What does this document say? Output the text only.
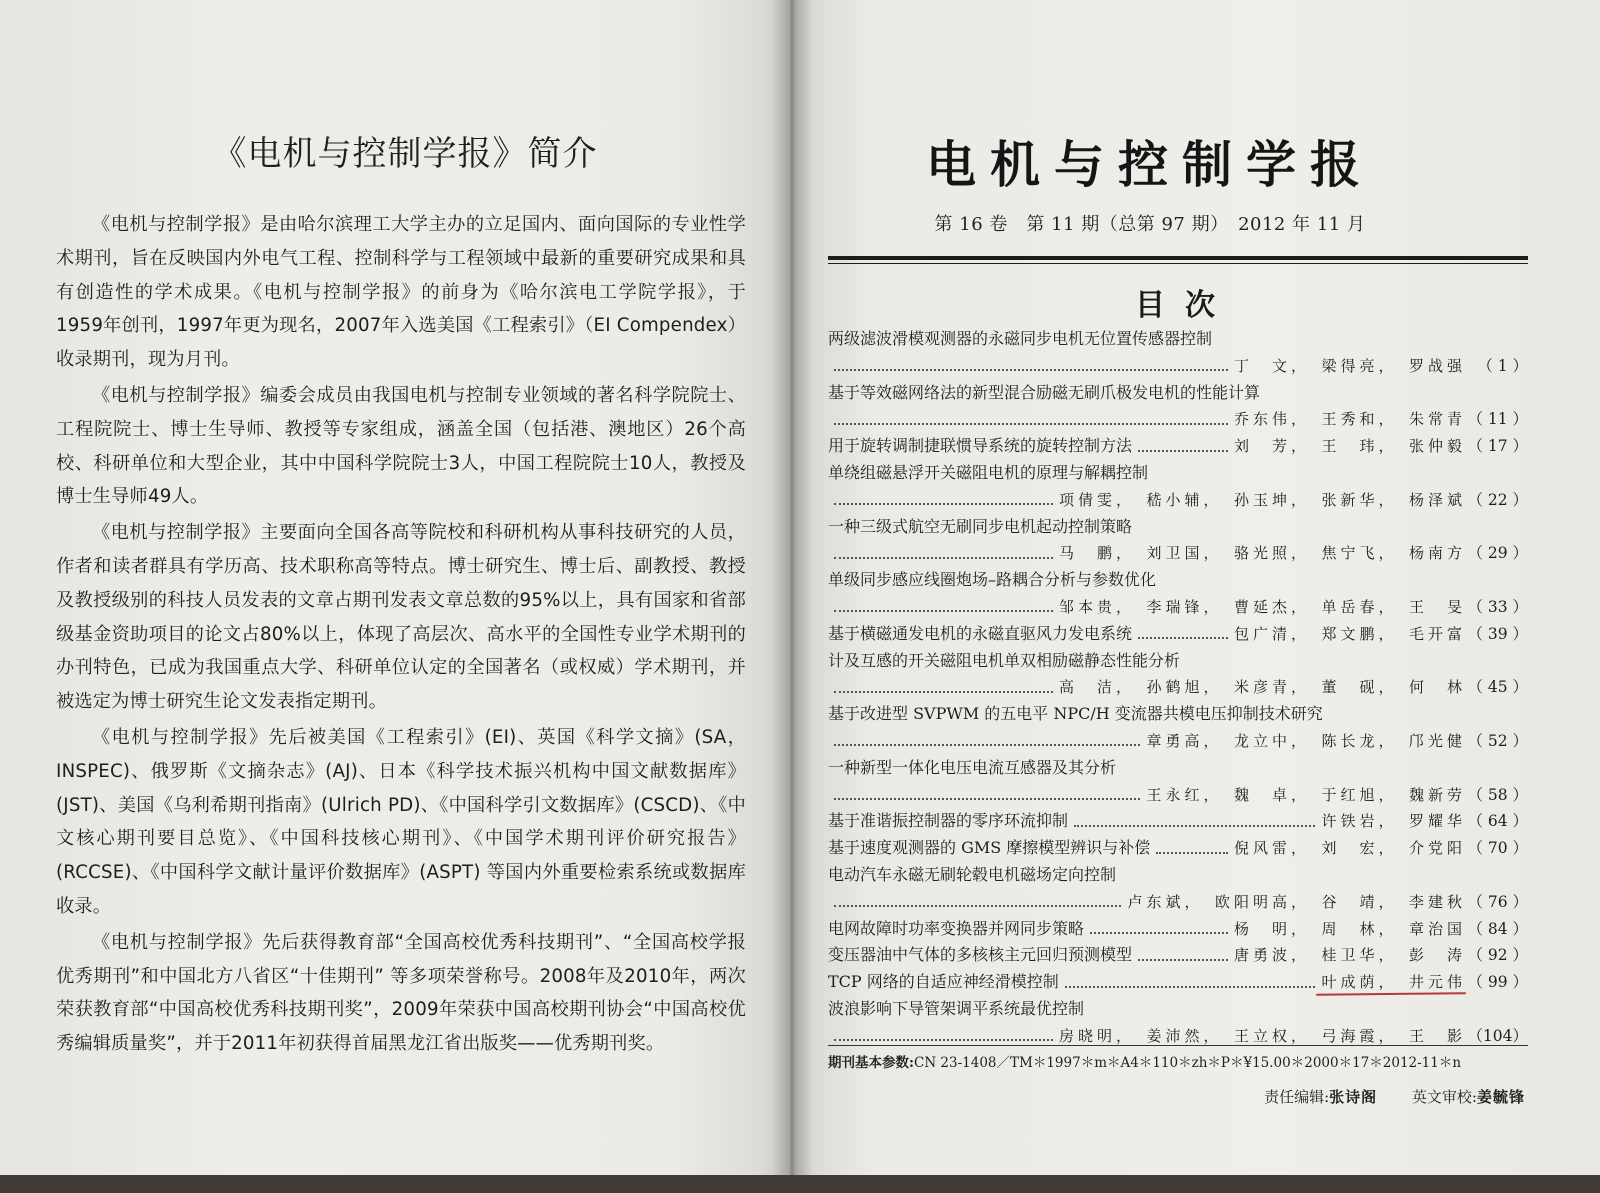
《电机与控制学报》简介

《电机与控制学报》是由哈尔滨理工大学主办的立足国内、面向国际的专业性学术期刊，旨在反映国内外电气工程、控制科学与工程领域中最新的重要研究成果和具有创造性的学术成果。《电机与控制学报》的前身为《哈尔滨电工学院学报》，于1959年创刊，1997年更为现名，2007年入选美国《工程索引》（EI Compendex）收录期刊，现为月刊。

《电机与控制学报》编委会成员由我国电机与控制专业领域的著名科学院院士、工程院院士、博士生导师、教授等专家组成，涵盖全国（包括港、澳地区）26个高校、科研单位和大型企业，其中中国科学院院士3人，中国工程院院士10人，教授及博士生导师49人。

《电机与控制学报》主要面向全国各高等院校和科研机构从事科技研究的人员，作者和读者群具有学历高、技术职称高等特点。博士研究生、博士后、副教授、教授及教授级别的科技人员发表的文章占期刊发表文章总数的95%以上，具有国家和省部级基金资助项目的论文占80%以上，体现了高层次、高水平的全国性专业学术期刊的办刊特色，已成为我国重点大学、科研单位认定的全国著名（或权威）学术期刊，并被选定为博士研究生论文发表指定期刊。

《电机与控制学报》先后被美国《工程索引》(EI)、英国《科学文摘》(SA，INSPEC)、俄罗斯《文摘杂志》(AJ)、日本《科学技术振兴机构中国文献数据库》(JST)、美国《乌利希期刊指南》(Ulrich PD)、《中国科学引文数据库》(CSCD)、《中文核心期刊要目总览》、《中国科技核心期刊》、《中国学术期刊评价研究报告》(RCCSE)、《中国科学文献计量评价数据库》(ASPT) 等国内外重要检索系统或数据库收录。

《电机与控制学报》先后获得教育部“全国高校优秀科技期刊”、“全国高校学报优秀期刊”和中国北方八省区“十佳期刊” 等多项荣誉称号。2008年及2010年，两次荣获教育部“中国高校优秀科技期刊奖”，2009年荣获中国高校期刊协会“中国高校优秀编辑质量奖”，并于2011年初获得首届黑龙江省出版奖——优秀期刊奖。

电机与控制学报
第 16 卷　第 11 期（总第 97 期）　2012 年 11 月
目次
两级滤波滑模观测器的永磁同步电机无位置传感器控制
丁　文，　梁得亮，　罗战强 （ 1 ）
基于等效磁网络法的新型混合励磁无刷爪极发电机的性能计算
乔东伟，　王秀和，　朱常青 （ 11 ）
用于旋转调制捷联惯导系统的旋转控制方法	刘　芳，　王　玮，　张仲毅 （ 17 ）
单绕组磁悬浮开关磁阻电机的原理与解耦控制
项倩雯，　嵇小辅，　孙玉坤，　张新华，　杨泽斌 （ 22 ）
一种三级式航空无刷同步电机起动控制策略
马　鹏，　刘卫国，　骆光照，　焦宁飞，　杨南方 （ 29 ）
单级同步感应线圈炮场–路耦合分析与参数优化
邹本贵，　李瑞锋，　曹延杰，　单岳春，　王　旻 （ 33 ）
基于横磁通发电机的永磁直驱风力发电系统	包广清，　郑文鹏，　毛开富 （ 39 ）
计及互感的开关磁阻电机单双相励磁静态性能分析
高　洁，　孙鹤旭，　米彦青，　董　砚，　何　林 （ 45 ）
基于改进型 SVPWM 的五电平 NPC/H 变流器共模电压抑制技术研究
章勇高，　龙立中，　陈长龙，　邝光健 （ 52 ）
一种新型一体化电压电流互感器及其分析
王永红，　魏　卓，　于红旭，　魏新劳 （ 58 ）
基于准谐振控制器的零序环流抑制	许铁岩，　罗耀华 （ 64 ）
基于速度观测器的 GMS 摩擦模型辨识与补偿	倪风雷，　刘　宏，　介党阳 （ 70 ）
电动汽车永磁无刷轮毂电机磁场定向控制
卢东斌，　欧阳明高，　谷　靖，　李建秋 （ 76 ）
电网故障时功率变换器并网同步策略	杨　明，　周　林，　章治国 （ 84 ）
变压器油中气体的多核核主元回归预测模型	唐勇波，　桂卫华，　彭　涛 （ 92 ）
TCP 网络的自适应神经滑模控制	叶成荫，　井元伟 （ 99 ）
波浪影响下导管架调平系统最优控制
房晓明，　姜沛然，　王立权，　弓海霞，　王　影 （104）
期刊基本参数:CN 23-1408／TM＊1997＊m＊A4＊110＊zh＊P＊¥15.00＊2000＊17＊2012-11＊n
责任编辑:张诗阁 英文审校:姜毓锋
